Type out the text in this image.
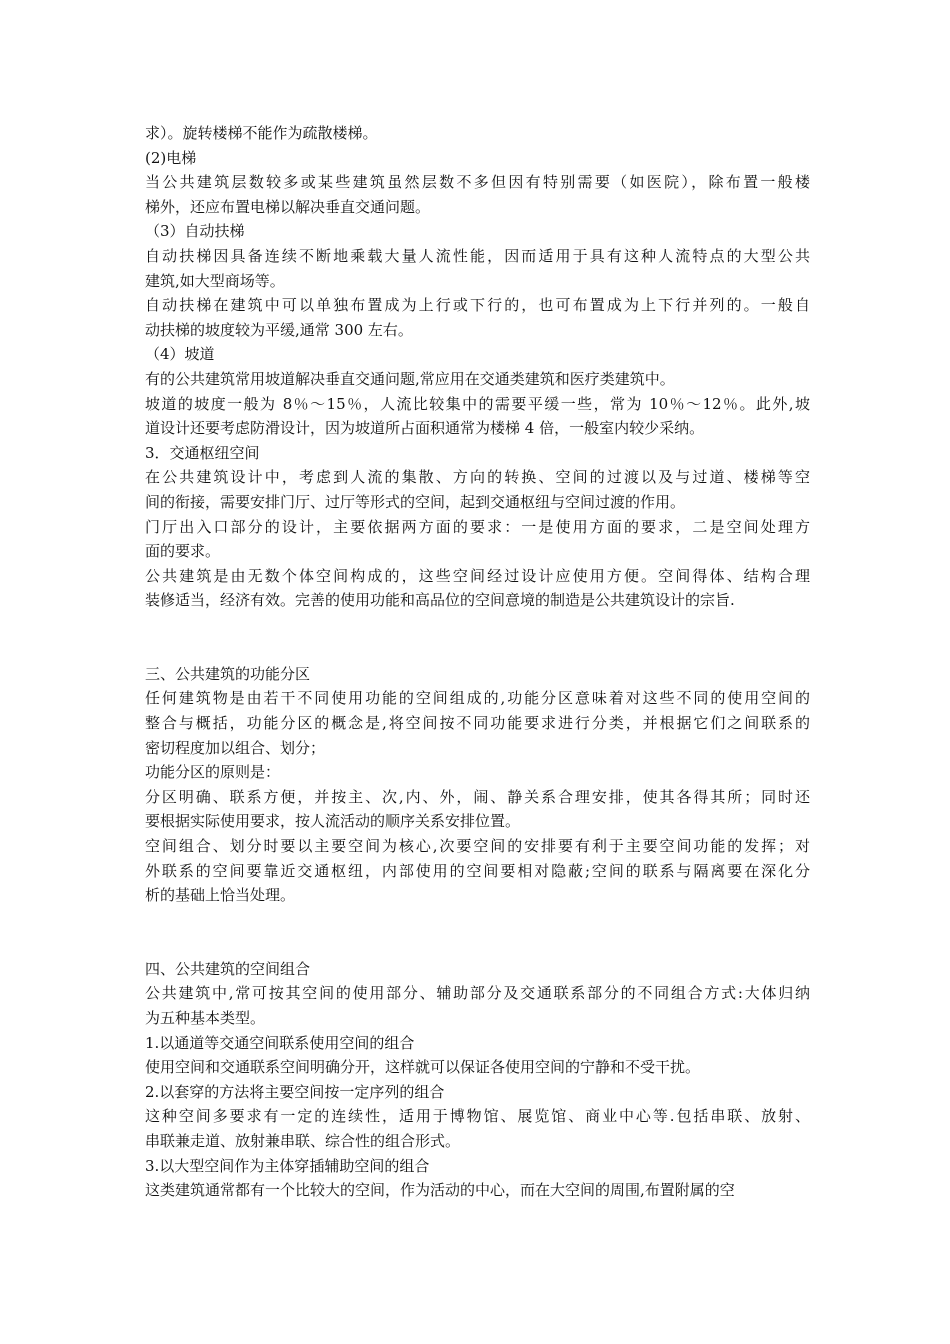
求）。旋转楼梯不能作为疏散楼梯。
(2)电梯
当公共建筑层数较多或某些建筑虽然层数不多但因有特别需要（如医院），除布置一般楼
梯外，还应布置电梯以解决垂直交通问题。
（3）自动扶梯
自动扶梯因具备连续不断地乘载大量人流性能，因而适用于具有这种人流特点的大型公共
建筑,如大型商场等。
自动扶梯在建筑中可以单独布置成为上行或下行的，也可布置成为上下行并列的。一般自
动扶梯的坡度较为平缓,通常 300 左右。
（4）坡道
有的公共建筑常用坡道解决垂直交通问题,常应用在交通类建筑和医疗类建筑中。
坡道的坡度一般为 8％～15％，人流比较集中的需要平缓一些，常为 10％～12％。此外,坡
道设计还要考虑防滑设计，因为坡道所占面积通常为楼梯 4 倍，一般室内较少采纳。
3．交通枢纽空间
在公共建筑设计中，考虑到人流的集散、方向的转换、空间的过渡以及与过道、楼梯等空
间的衔接，需要安排门厅、过厅等形式的空间，起到交通枢纽与空间过渡的作用。
门厅出入口部分的设计，主要依据两方面的要求：一是使用方面的要求，二是空间处理方
面的要求。
公共建筑是由无数个体空间构成的，这些空间经过设计应使用方便。空间得体、结构合理
装修适当，经济有效。完善的使用功能和高品位的空间意境的制造是公共建筑设计的宗旨.
三、公共建筑的功能分区
任何建筑物是由若干不同使用功能的空间组成的,功能分区意味着对这些不同的使用空间的
整合与概括，功能分区的概念是,将空间按不同功能要求进行分类，并根据它们之间联系的
密切程度加以组合、划分；
功能分区的原则是：
分区明确、联系方便，并按主、次,内、外，闹、静关系合理安排，使其各得其所；同时还
要根据实际使用要求，按人流活动的顺序关系安排位置。
空间组合、划分时要以主要空间为核心,次要空间的安排要有利于主要空间功能的发挥；对
外联系的空间要靠近交通枢纽，内部使用的空间要相对隐蔽;空间的联系与隔离要在深化分
析的基础上恰当处理。
四、公共建筑的空间组合
公共建筑中,常可按其空间的使用部分、辅助部分及交通联系部分的不同组合方式:大体归纳
为五种基本类型。
1.以通道等交通空间联系使用空间的组合
使用空间和交通联系空间明确分开，这样就可以保证各使用空间的宁静和不受干扰。
2.以套穿的方法将主要空间按一定序列的组合
这种空间多要求有一定的连续性，适用于博物馆、展览馆、商业中心等.包括串联、放射、
串联兼走道、放射兼串联、综合性的组合形式。
3.以大型空间作为主体穿插辅助空间的组合
这类建筑通常都有一个比较大的空间，作为活动的中心，而在大空间的周围,布置附属的空
